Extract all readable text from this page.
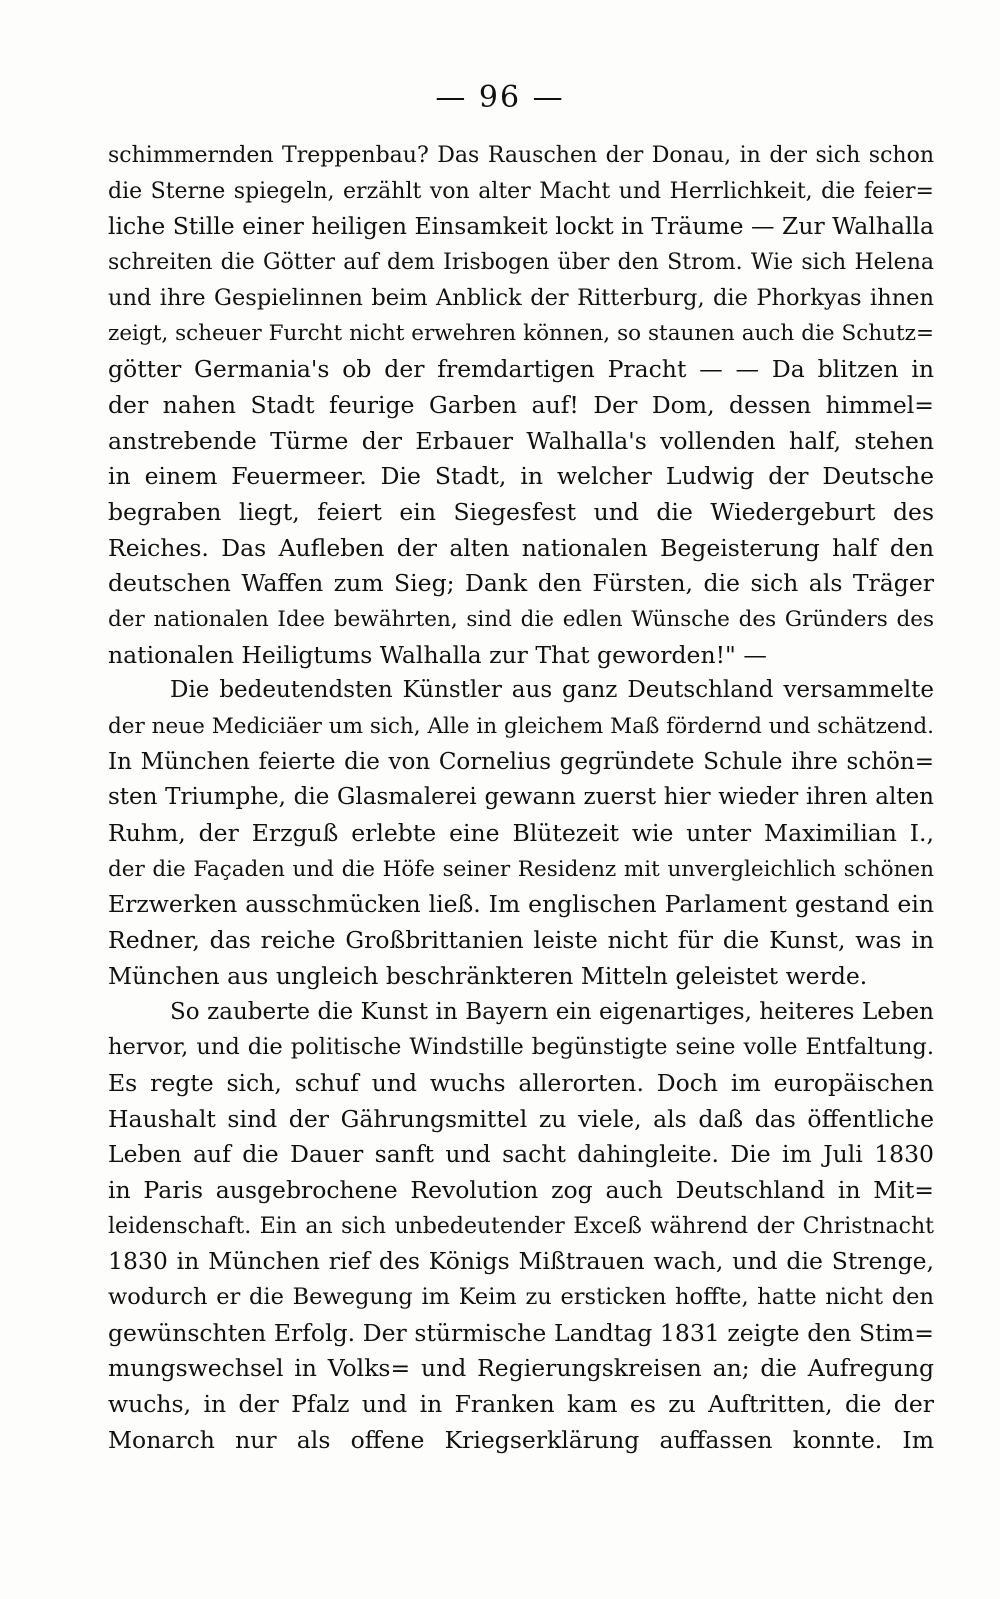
— 96 —
schimmernden Treppenbau? Das Rauschen der Donau, in der sich schon
die Sterne spiegeln, erzählt von alter Macht und Herrlichkeit, die feier=
liche Stille einer heiligen Einsamkeit lockt in Träume — Zur Walhalla
schreiten die Götter auf dem Irisbogen über den Strom. Wie sich Helena
und ihre Gespielinnen beim Anblick der Ritterburg, die Phorkyas ihnen
zeigt, scheuer Furcht nicht erwehren können, so staunen auch die Schutz=
götter Germania's ob der fremdartigen Pracht — — Da blitzen in
der nahen Stadt feurige Garben auf! Der Dom, dessen himmel=
anstrebende Türme der Erbauer Walhalla's vollenden half, stehen
in einem Feuermeer. Die Stadt, in welcher Ludwig der Deutsche
begraben liegt, feiert ein Siegesfest und die Wiedergeburt des
Reiches. Das Aufleben der alten nationalen Begeisterung half den
deutschen Waffen zum Sieg; Dank den Fürsten, die sich als Träger
der nationalen Idee bewährten, sind die edlen Wünsche des Gründers des
nationalen Heiligtums Walhalla zur That geworden!" —
Die bedeutendsten Künstler aus ganz Deutschland versammelte
der neue Mediciäer um sich, Alle in gleichem Maß fördernd und schätzend.
In München feierte die von Cornelius gegründete Schule ihre schön=
sten Triumphe, die Glasmalerei gewann zuerst hier wieder ihren alten
Ruhm, der Erzguß erlebte eine Blütezeit wie unter Maximilian I.,
der die Façaden und die Höfe seiner Residenz mit unvergleichlich schönen
Erzwerken ausschmücken ließ. Im englischen Parlament gestand ein
Redner, das reiche Großbrittanien leiste nicht für die Kunst, was in
München aus ungleich beschränkteren Mitteln geleistet werde.
So zauberte die Kunst in Bayern ein eigenartiges, heiteres Leben
hervor, und die politische Windstille begünstigte seine volle Entfaltung.
Es regte sich, schuf und wuchs allerorten. Doch im europäischen
Haushalt sind der Gährungsmittel zu viele, als daß das öffentliche
Leben auf die Dauer sanft und sacht dahingleite. Die im Juli 1830
in Paris ausgebrochene Revolution zog auch Deutschland in Mit=
leidenschaft. Ein an sich unbedeutender Exceß während der Christnacht
1830 in München rief des Königs Mißtrauen wach, und die Strenge,
wodurch er die Bewegung im Keim zu ersticken hoffte, hatte nicht den
gewünschten Erfolg. Der stürmische Landtag 1831 zeigte den Stim=
mungswechsel in Volks= und Regierungskreisen an; die Aufregung
wuchs, in der Pfalz und in Franken kam es zu Auftritten, die der
Monarch nur als offene Kriegserklärung auffassen konnte. Im
